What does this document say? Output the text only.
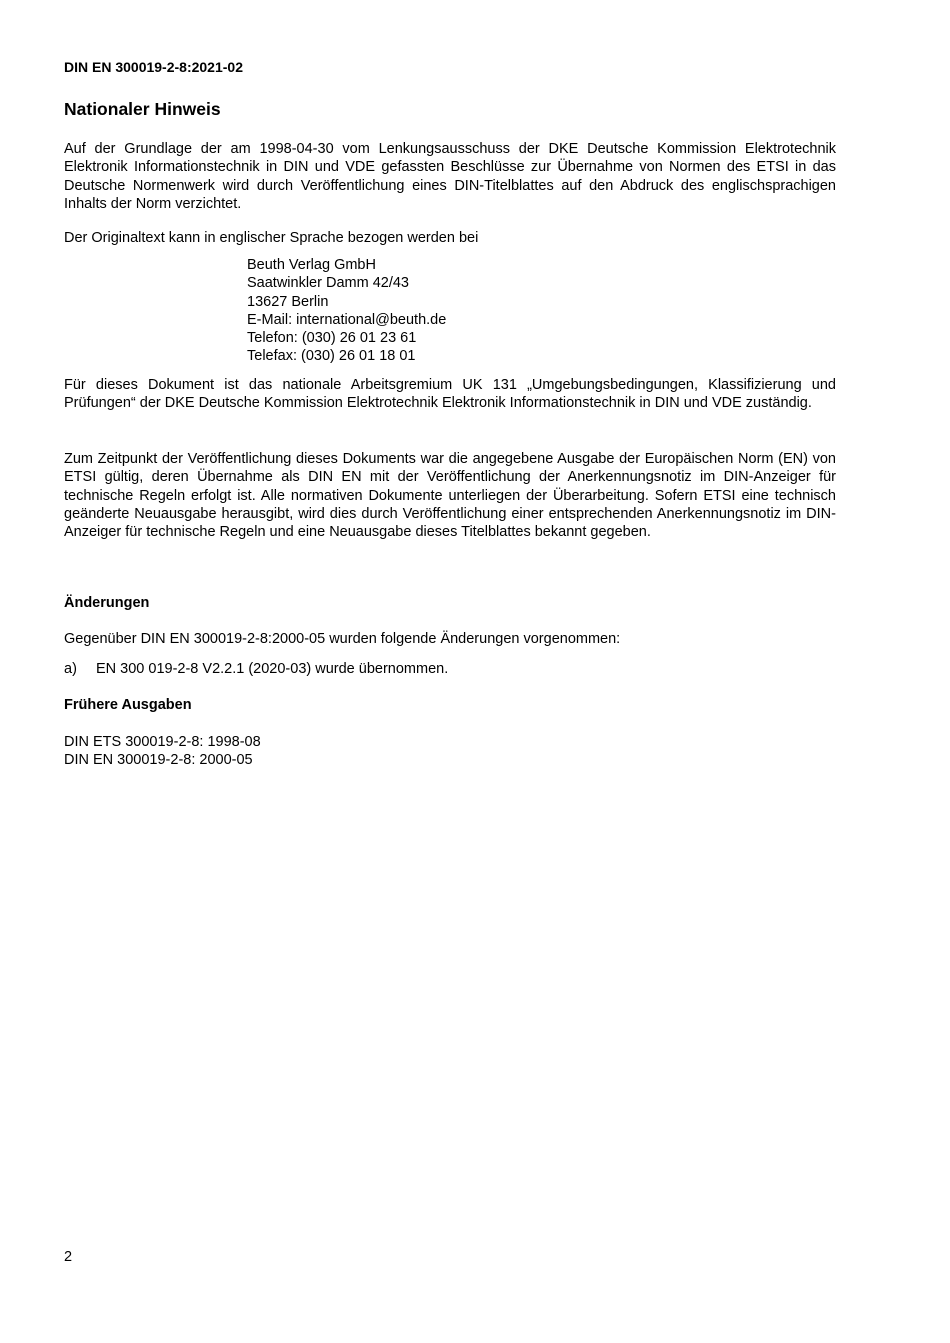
DIN EN 300019-2-8:2021-02
Nationaler Hinweis

Auf der Grundlage der am 1998-04-30 vom Lenkungsausschuss der DKE Deutsche Kommission Elektrotechnik Elektronik Informationstechnik in DIN und VDE gefassten Beschlüsse zur Übernahme von Normen des ETSI in das Deutsche Normenwerk wird durch Veröffentlichung eines DIN-Titelblattes auf den Abdruck des englischsprachigen Inhalts der Norm verzichtet.

Der Originaltext kann in englischer Sprache bezogen werden bei

Beuth Verlag GmbH
Saatwinkler Damm 42/43
13627 Berlin
E-Mail: international@beuth.de
Telefon: (030) 26 01 23 61
Telefax: (030) 26 01 18 01

Für dieses Dokument ist das nationale Arbeitsgremium UK 131 „Umgebungsbedingungen, Klassifizierung und Prüfungen“ der DKE Deutsche Kommission Elektrotechnik Elektronik Informationstechnik in DIN und VDE zuständig.

Zum Zeitpunkt der Veröffentlichung dieses Dokuments war die angegebene Ausgabe der Europäischen Norm (EN) von ETSI gültig, deren Übernahme als DIN EN mit der Veröffentlichung der Anerkennungsnotiz im DIN-Anzeiger für technische Regeln erfolgt ist. Alle normativen Dokumente unterliegen der Überarbeitung. Sofern ETSI eine technisch geänderte Neuausgabe herausgibt, wird dies durch Veröffentlichung einer entsprechenden Anerkennungsnotiz im DIN-Anzeiger für technische Regeln und eine Neuausgabe dieses Titelblattes bekannt gegeben.

Änderungen

Gegenüber DIN EN 300019-2-8:2000-05 wurden folgende Änderungen vorgenommen:

a) EN 300 019-2-8 V2.2.1 (2020-03) wurde übernommen.
Frühere Ausgaben
DIN ETS 300019-2-8: 1998-08
DIN EN 300019-2-8: 2000-05
2
